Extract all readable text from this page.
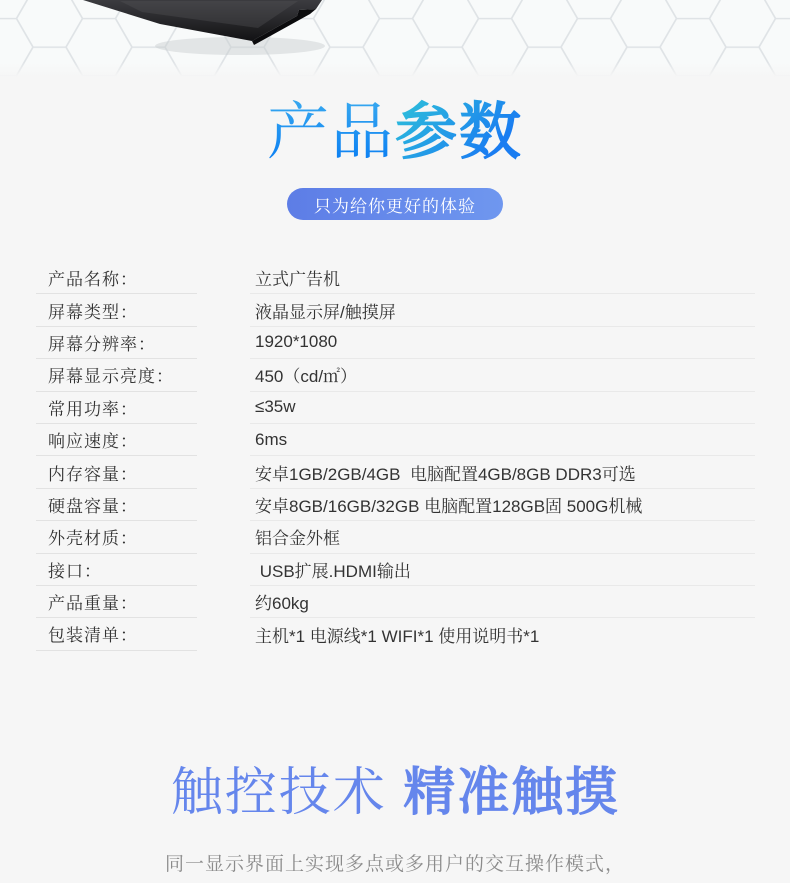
产品参数
只为给你更好的体验
产品名称：	立式广告机
屏幕类型：	液晶显示屏/触摸屏
屏幕分辨率：	1920*1080
屏幕显示亮度：	450（cd/㎡）
常用功率：	≤35w
响应速度：	6ms
内存容量：	安卓1GB/2GB/4GB  电脑配置4GB/8GB DDR3可选
硬盘容量：	安卓8GB/16GB/32GB 电脑配置128GB固 500G机械
外壳材质：	铝合金外框
接口：	USB扩展.HDMI输出
产品重量：	约60kg
包装清单：	主机*1 电源线*1 WIFI*1 使用说明书*1
触控技术 精准触摸
同一显示界面上实现多点或多用户的交互操作模式，
